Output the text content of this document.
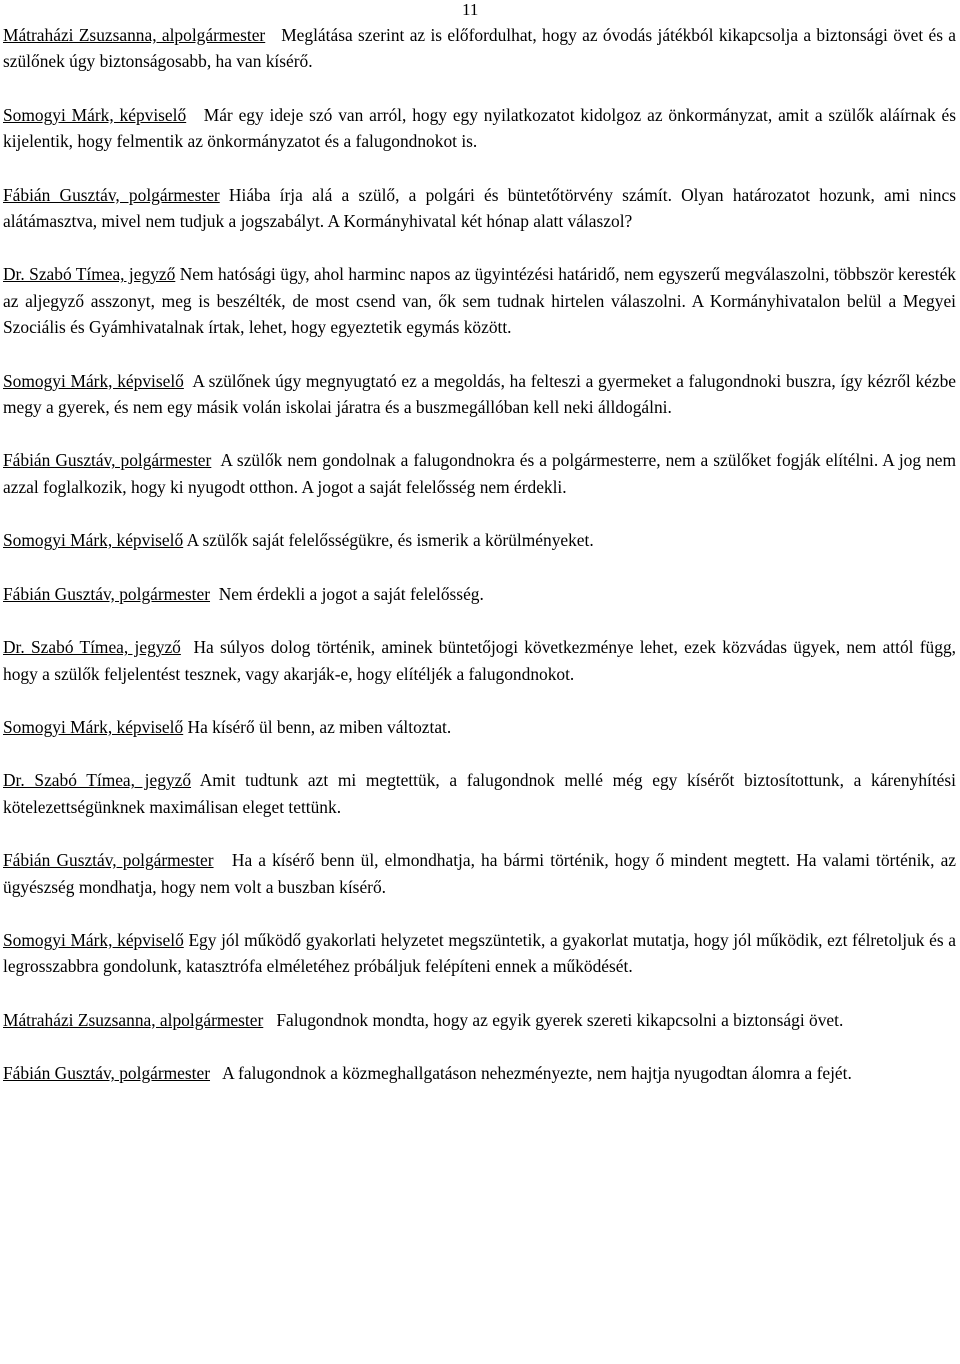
11

Mátraházi Zsuzsanna, alpolgármester Meglátása szerint az is előfordulhat, hogy az óvodás játékból kikapcsolja a biztonsági övet és a szülőnek úgy biztonságosabb, ha van kísérő.

Somogyi Márk, képviselő Már egy ideje szó van arról, hogy egy nyilatkozatot kidolgoz az önkormányzat, amit a szülők aláírnak és kijelentik, hogy felmentik az önkormányzatot és a falugondnokot is.

Fábián Gusztáv, polgármester Hiába írja alá a szülő, a polgári és büntetőtörvény számít. Olyan határozatot hozunk, ami nincs alátámasztva, mivel nem tudjuk a jogszabályt. A Kormányhivatal két hónap alatt válaszol?

Dr. Szabó Tímea, jegyző Nem hatósági ügy, ahol harminc napos az ügyintézési határidő, nem egyszerű megválaszolni, többször keresték az aljegyző asszonyt, meg is beszélték, de most csend van, ők sem tudnak hirtelen válaszolni. A Kormányhivatalon belül a Megyei Szociális és Gyámhivatalnak írtak, lehet, hogy egyeztetik egymás között.

Somogyi Márk, képviselő A szülőnek úgy megnyugtató ez a megoldás, ha felteszi a gyermeket a falugondnoki buszra, így kézről kézbe megy a gyerek, és nem egy másik volán iskolai járatra és a buszmegállóban kell neki álldogálni.

Fábián Gusztáv, polgármester A szülők nem gondolnak a falugondnokra és a polgármesterre, nem a szülőket fogják elítélni. A jog nem azzal foglalkozik, hogy ki nyugodt otthon. A jogot a saját felelősség nem érdekli.

Somogyi Márk, képviselő A szülők saját felelősségükre, és ismerik a körülményeket.

Fábián Gusztáv, polgármester Nem érdekli a jogot a saját felelősség.

Dr. Szabó Tímea, jegyző Ha súlyos dolog történik, aminek büntetőjogi következménye lehet, ezek közvádas ügyek, nem attól függ, hogy a szülők feljelentést tesznek, vagy akarják-e, hogy elítéljék a falugondnokot.

Somogyi Márk, képviselő Ha kísérő ül benn, az miben változtat.

Dr. Szabó Tímea, jegyző Amit tudtunk azt mi megtettük, a falugondnok mellé még egy kísérőt biztosítottunk, a kárenyhítési kötelezettségünknek maximálisan eleget tettünk.

Fábián Gusztáv, polgármester Ha a kísérő benn ül, elmondhatja, ha bármi történik, hogy ő mindent megtett. Ha valami történik, az ügyészség mondhatja, hogy nem volt a buszban kísérő.

Somogyi Márk, képviselő Egy jól működő gyakorlati helyzetet megszüntetik, a gyakorlat mutatja, hogy jól működik, ezt félretoljuk és a legrosszabbra gondolunk, katasztrófa elméletéhez próbáljuk felépíteni ennek a működését.

Mátraházi Zsuzsanna, alpolgármester Falugondnok mondta, hogy az egyik gyerek szereti kikapcsolni a biztonsági övet.

Fábián Gusztáv, polgármester A falugondnok a közmeghallgatáson nehezményezte, nem hajtja nyugodtan álomra a fejét.
